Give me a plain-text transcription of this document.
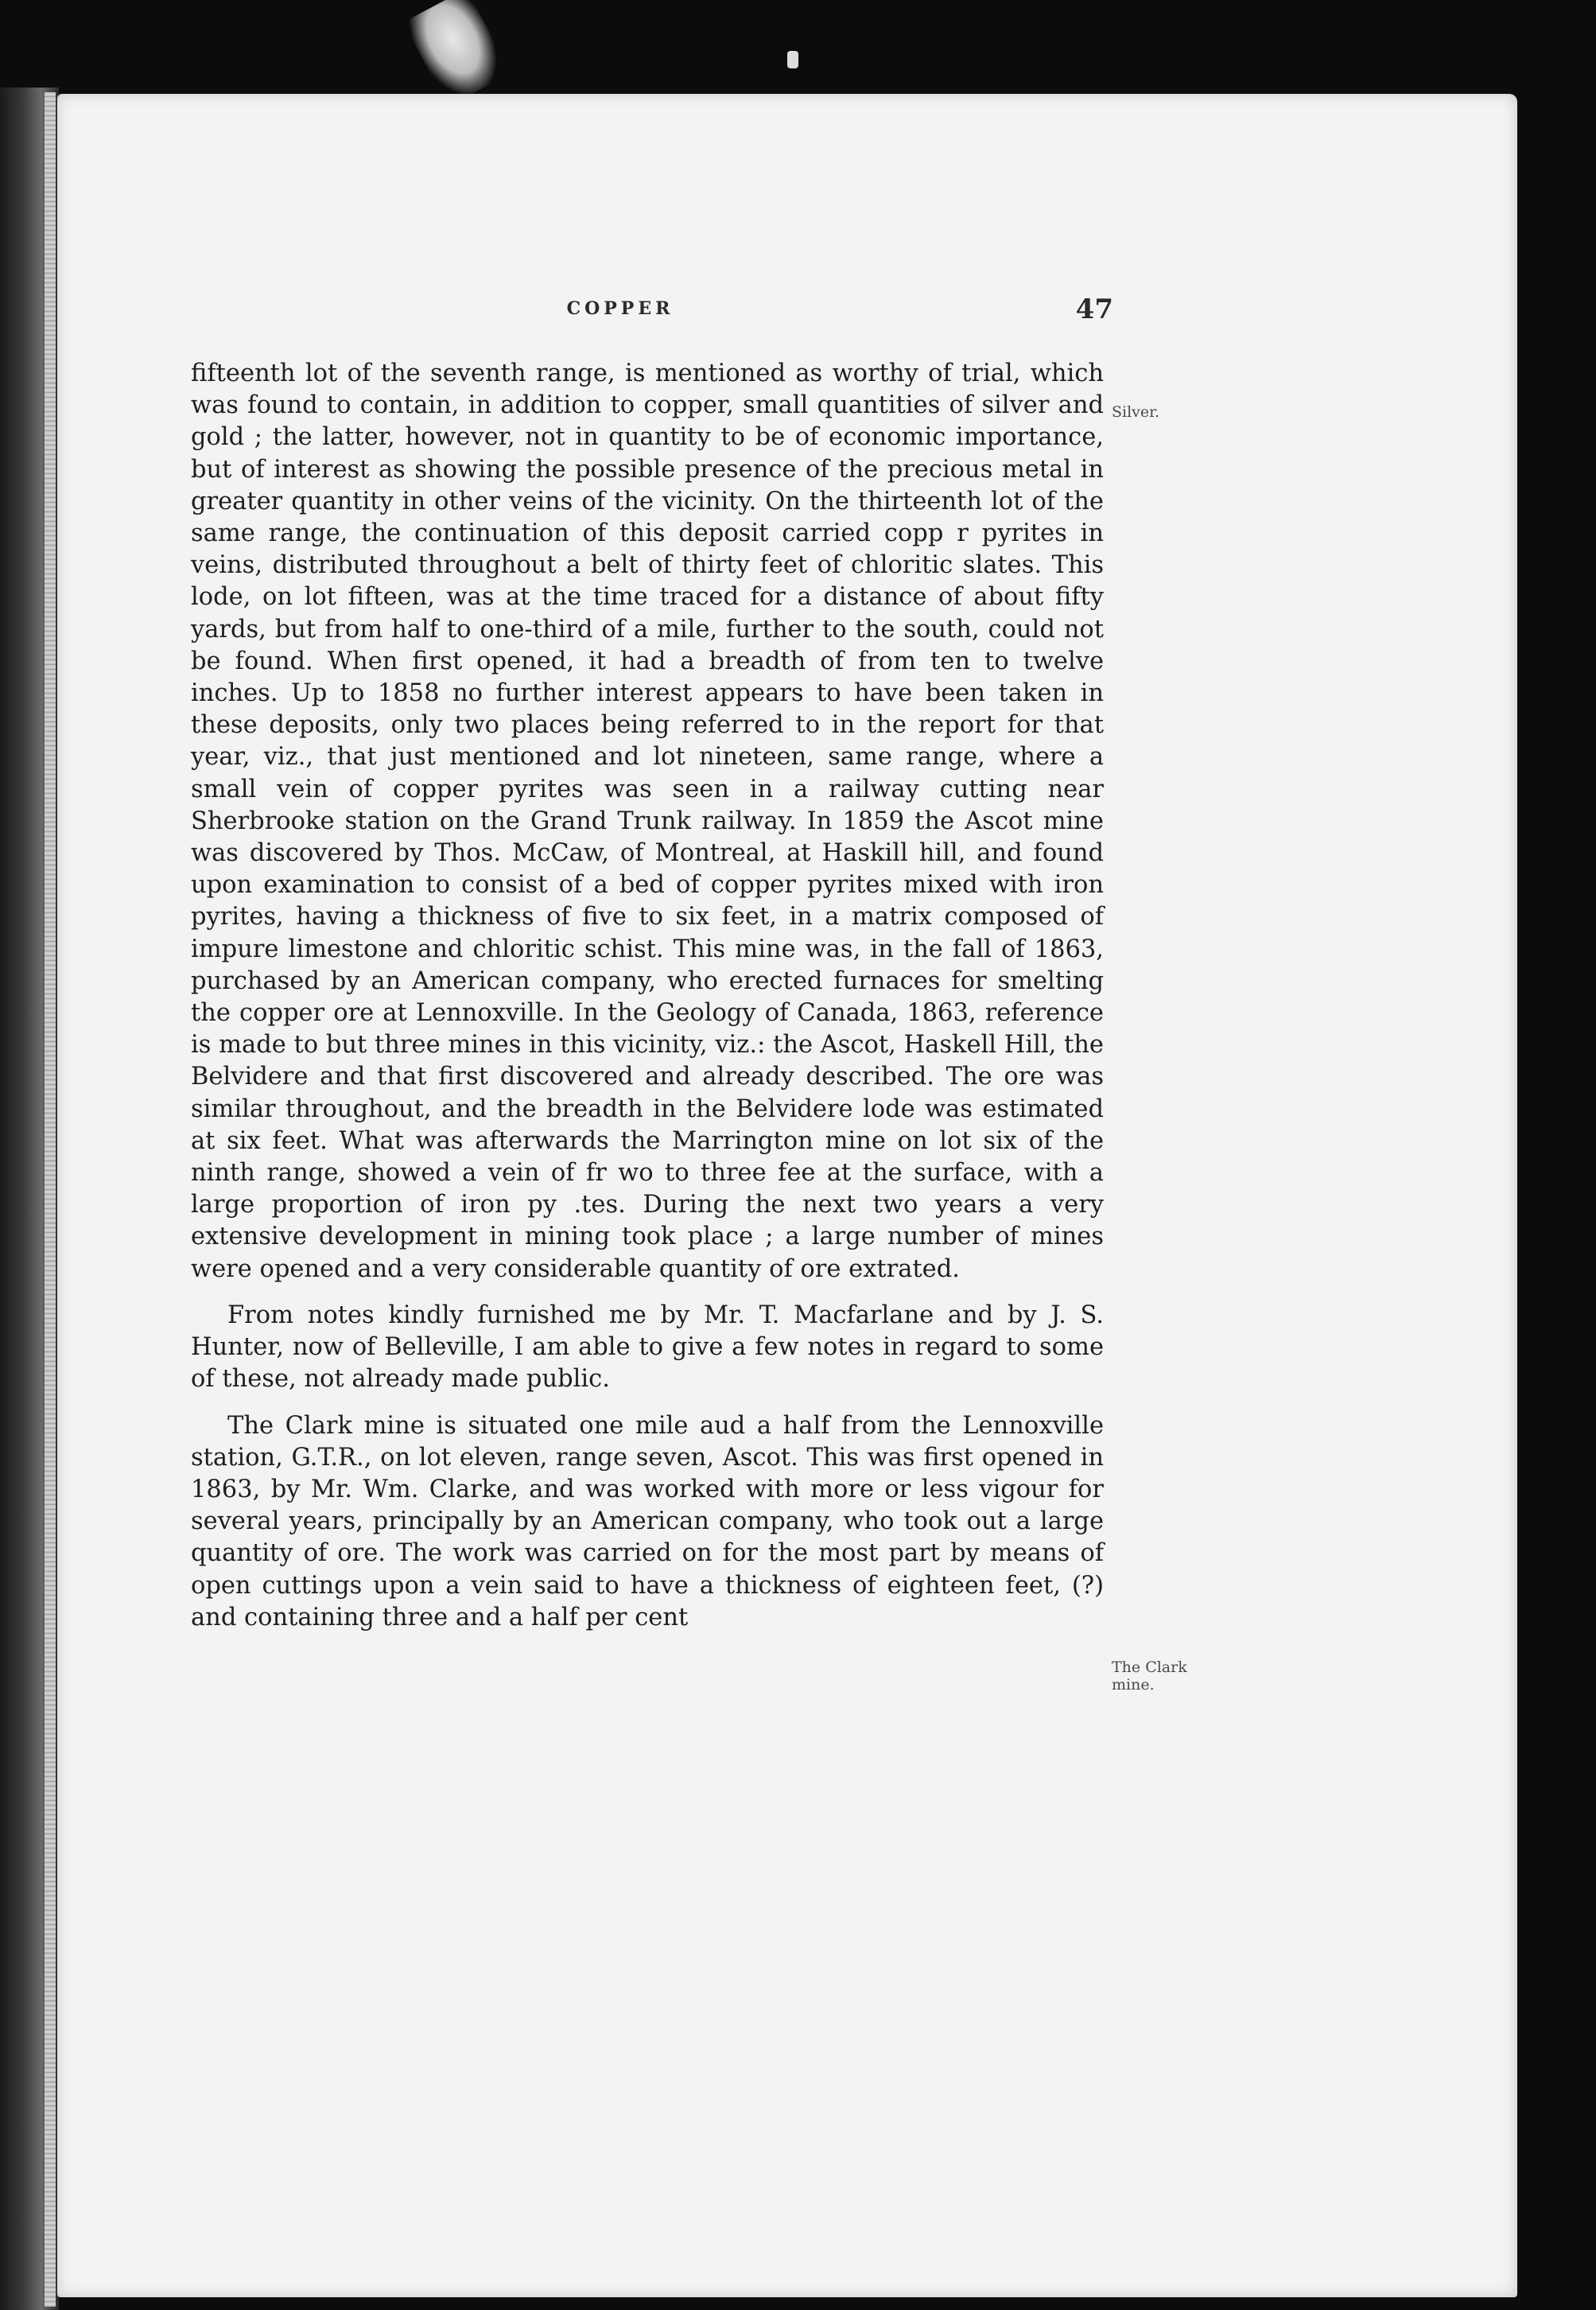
COPPER	47

fifteenth lot of the seventh range, is mentioned as worthy of trial, which was found to contain, in addition to copper, small quantities of silver and gold ; the latter, however, not in quantity to be of economic importance, but of interest as showing the possible presence of the precious metal in greater quantity in other veins of the vicinity. On the thirteenth lot of the same range, the continuation of this deposit carried copp r pyrites in veins, distributed throughout a belt of thirty feet of chloritic slates. This lode, on lot fifteen, was at the time traced for a distance of about fifty yards, but from half to one-third of a mile, further to the south, could not be found. When first opened, it had a breadth of from ten to twelve inches. Up to 1858 no further interest appears to have been taken in these deposits, only two places being referred to in the report for that year, viz., that just mentioned and lot nineteen, same range, where a small vein of copper pyrites was seen in a railway cutting near Sherbrooke station on the Grand Trunk railway. In 1859 the Ascot mine was discovered by Thos. McCaw, of Montreal, at Haskill hill, and found upon examination to consist of a bed of copper pyrites mixed with iron pyrites, having a thickness of five to six feet, in a matrix composed of impure limestone and chloritic schist. This mine was, in the fall of 1863, purchased by an American company, who erected furnaces for smelting the copper ore at Lennoxville. In the Geology of Canada, 1863, reference is made to but three mines in this vicinity, viz.: the Ascot, Haskell Hill, the Belvidere and that first discovered and already described. The ore was similar throughout, and the breadth in the Belvidere lode was estimated at six feet. What was afterwards the Marrington mine on lot six of the ninth range, showed a vein of fr wo to three fee at the surface, with a large proportion of iron py .tes. During the next two years a very extensive development in mining took place ; a large number of mines were opened and a very considerable quantity of ore extrated.

From notes kindly furnished me by Mr. T. Macfarlane and by J. S. Hunter, now of Belleville, I am able to give a few notes in regard to some of these, not already made public.

The Clark mine is situated one mile aud a half from the Lennoxville station, G.T.R., on lot eleven, range seven, Ascot. This was first opened in 1863, by Mr. Wm. Clarke, and was worked with more or less vigour for several years, principally by an American company, who took out a large quantity of ore. The work was carried on for the most part by means of open cuttings upon a vein said to have a thickness of eighteen feet, (?) and containing three and a half per cent

Silver.
The Clark mine.
